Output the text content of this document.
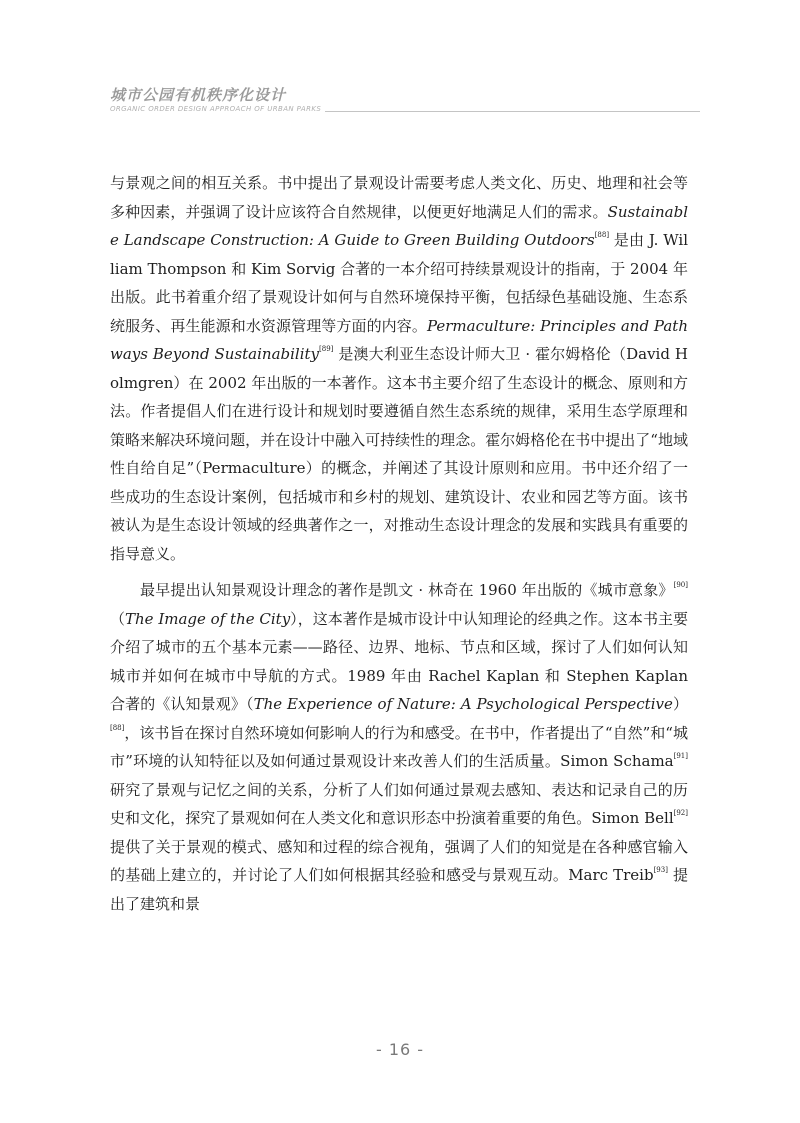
城市公园有机秩序化设计
ORGANIC ORDER DESIGN APPROACH OF URBAN PARKS

与景观之间的相互关系。书中提出了景观设计需要考虑人类文化、历史、地理和社会等多种因素，并强调了设计应该符合自然规律，以便更好地满足人们的需求。Sustainable Landscape Construction: A Guide to Green Building Outdoors[88] 是由 J. William Thompson 和 Kim Sorvig 合著的一本介绍可持续景观设计的指南，于 2004 年出版。此书着重介绍了景观设计如何与自然环境保持平衡，包括绿色基础设施、生态系统服务、再生能源和水资源管理等方面的内容。Permaculture: Principles and Pathways Beyond Sustainability[89] 是澳大利亚生态设计师大卫 · 霍尔姆格伦（David Holmgren）在 2002 年出版的一本著作。这本书主要介绍了生态设计的概念、原则和方法。作者提倡人们在进行设计和规划时要遵循自然生态系统的规律，采用生态学原理和策略来解决环境问题，并在设计中融入可持续性的理念。霍尔姆格伦在书中提出了“地域性自给自足”（Permaculture）的概念，并阐述了其设计原则和应用。书中还介绍了一些成功的生态设计案例，包括城市和乡村的规划、建筑设计、农业和园艺等方面。该书被认为是生态设计领域的经典著作之一，对推动生态设计理念的发展和实践具有重要的指导意义。

最早提出认知景观设计理念的著作是凯文 · 林奇在 1960 年出版的《城市意象》[90]（The Image of the City），这本著作是城市设计中认知理论的经典之作。这本书主要介绍了城市的五个基本元素——路径、边界、地标、节点和区域，探讨了人们如何认知城市并如何在城市中导航的方式。1989 年由 Rachel Kaplan 和 Stephen Kaplan 合著的《认知景观》（The Experience of Nature: A Psychological Perspective）[88]，该书旨在探讨自然环境如何影响人的行为和感受。在书中，作者提出了“自然”和“城市”环境的认知特征以及如何通过景观设计来改善人们的生活质量。Simon Schama[91] 研究了景观与记忆之间的关系，分析了人们如何通过景观去感知、表达和记录自己的历史和文化，探究了景观如何在人类文化和意识形态中扮演着重要的角色。Simon Bell[92] 提供了关于景观的模式、感知和过程的综合视角，强调了人们的知觉是在各种感官输入的基础上建立的，并讨论了人们如何根据其经验和感受与景观互动。Marc Treib[93] 提出了建筑和景

- 16 -
